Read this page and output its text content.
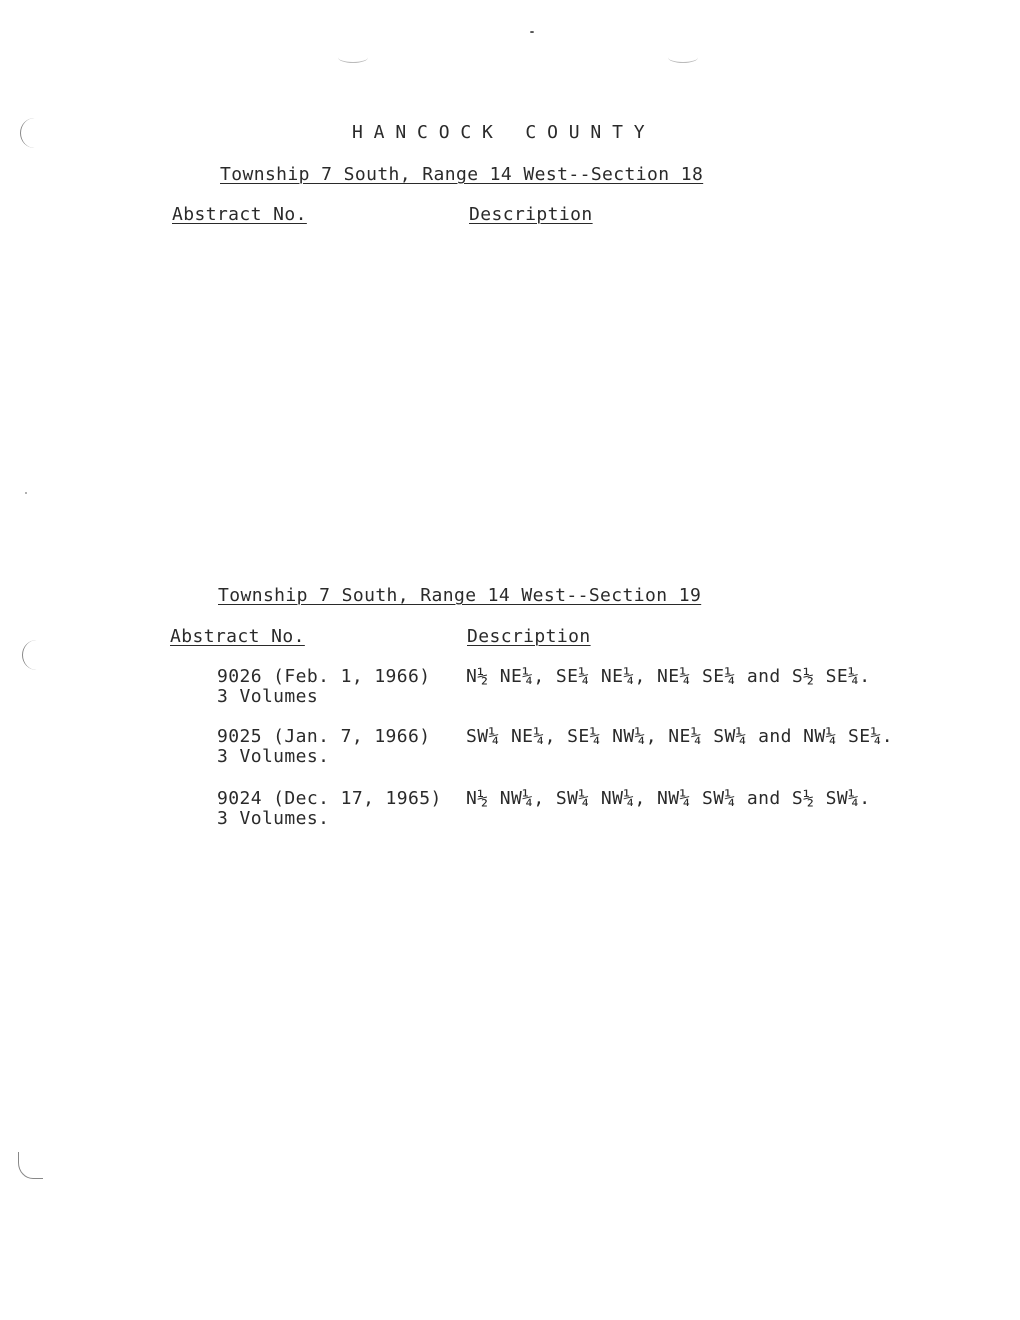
H A N C O C K   C O U N T Y
Township 7 South, Range 14 West--Section 18
Abstract No.	Description
Township 7 South, Range 14 West--Section 19
Abstract No.	Description
9026 (Feb. 1, 1966)
3 Volumes
N½ NE¼, SE¼ NE¼, NE¼ SE¼ and S½ SE¼.
9025 (Jan. 7, 1966)
3 Volumes.
SW¼ NE¼, SE¼ NW¼, NE¼ SW¼ and NW¼ SE¼.
9024 (Dec. 17, 1965)
3 Volumes.
N½ NW¼, SW¼ NW¼, NW¼ SW¼ and S½ SW¼.
